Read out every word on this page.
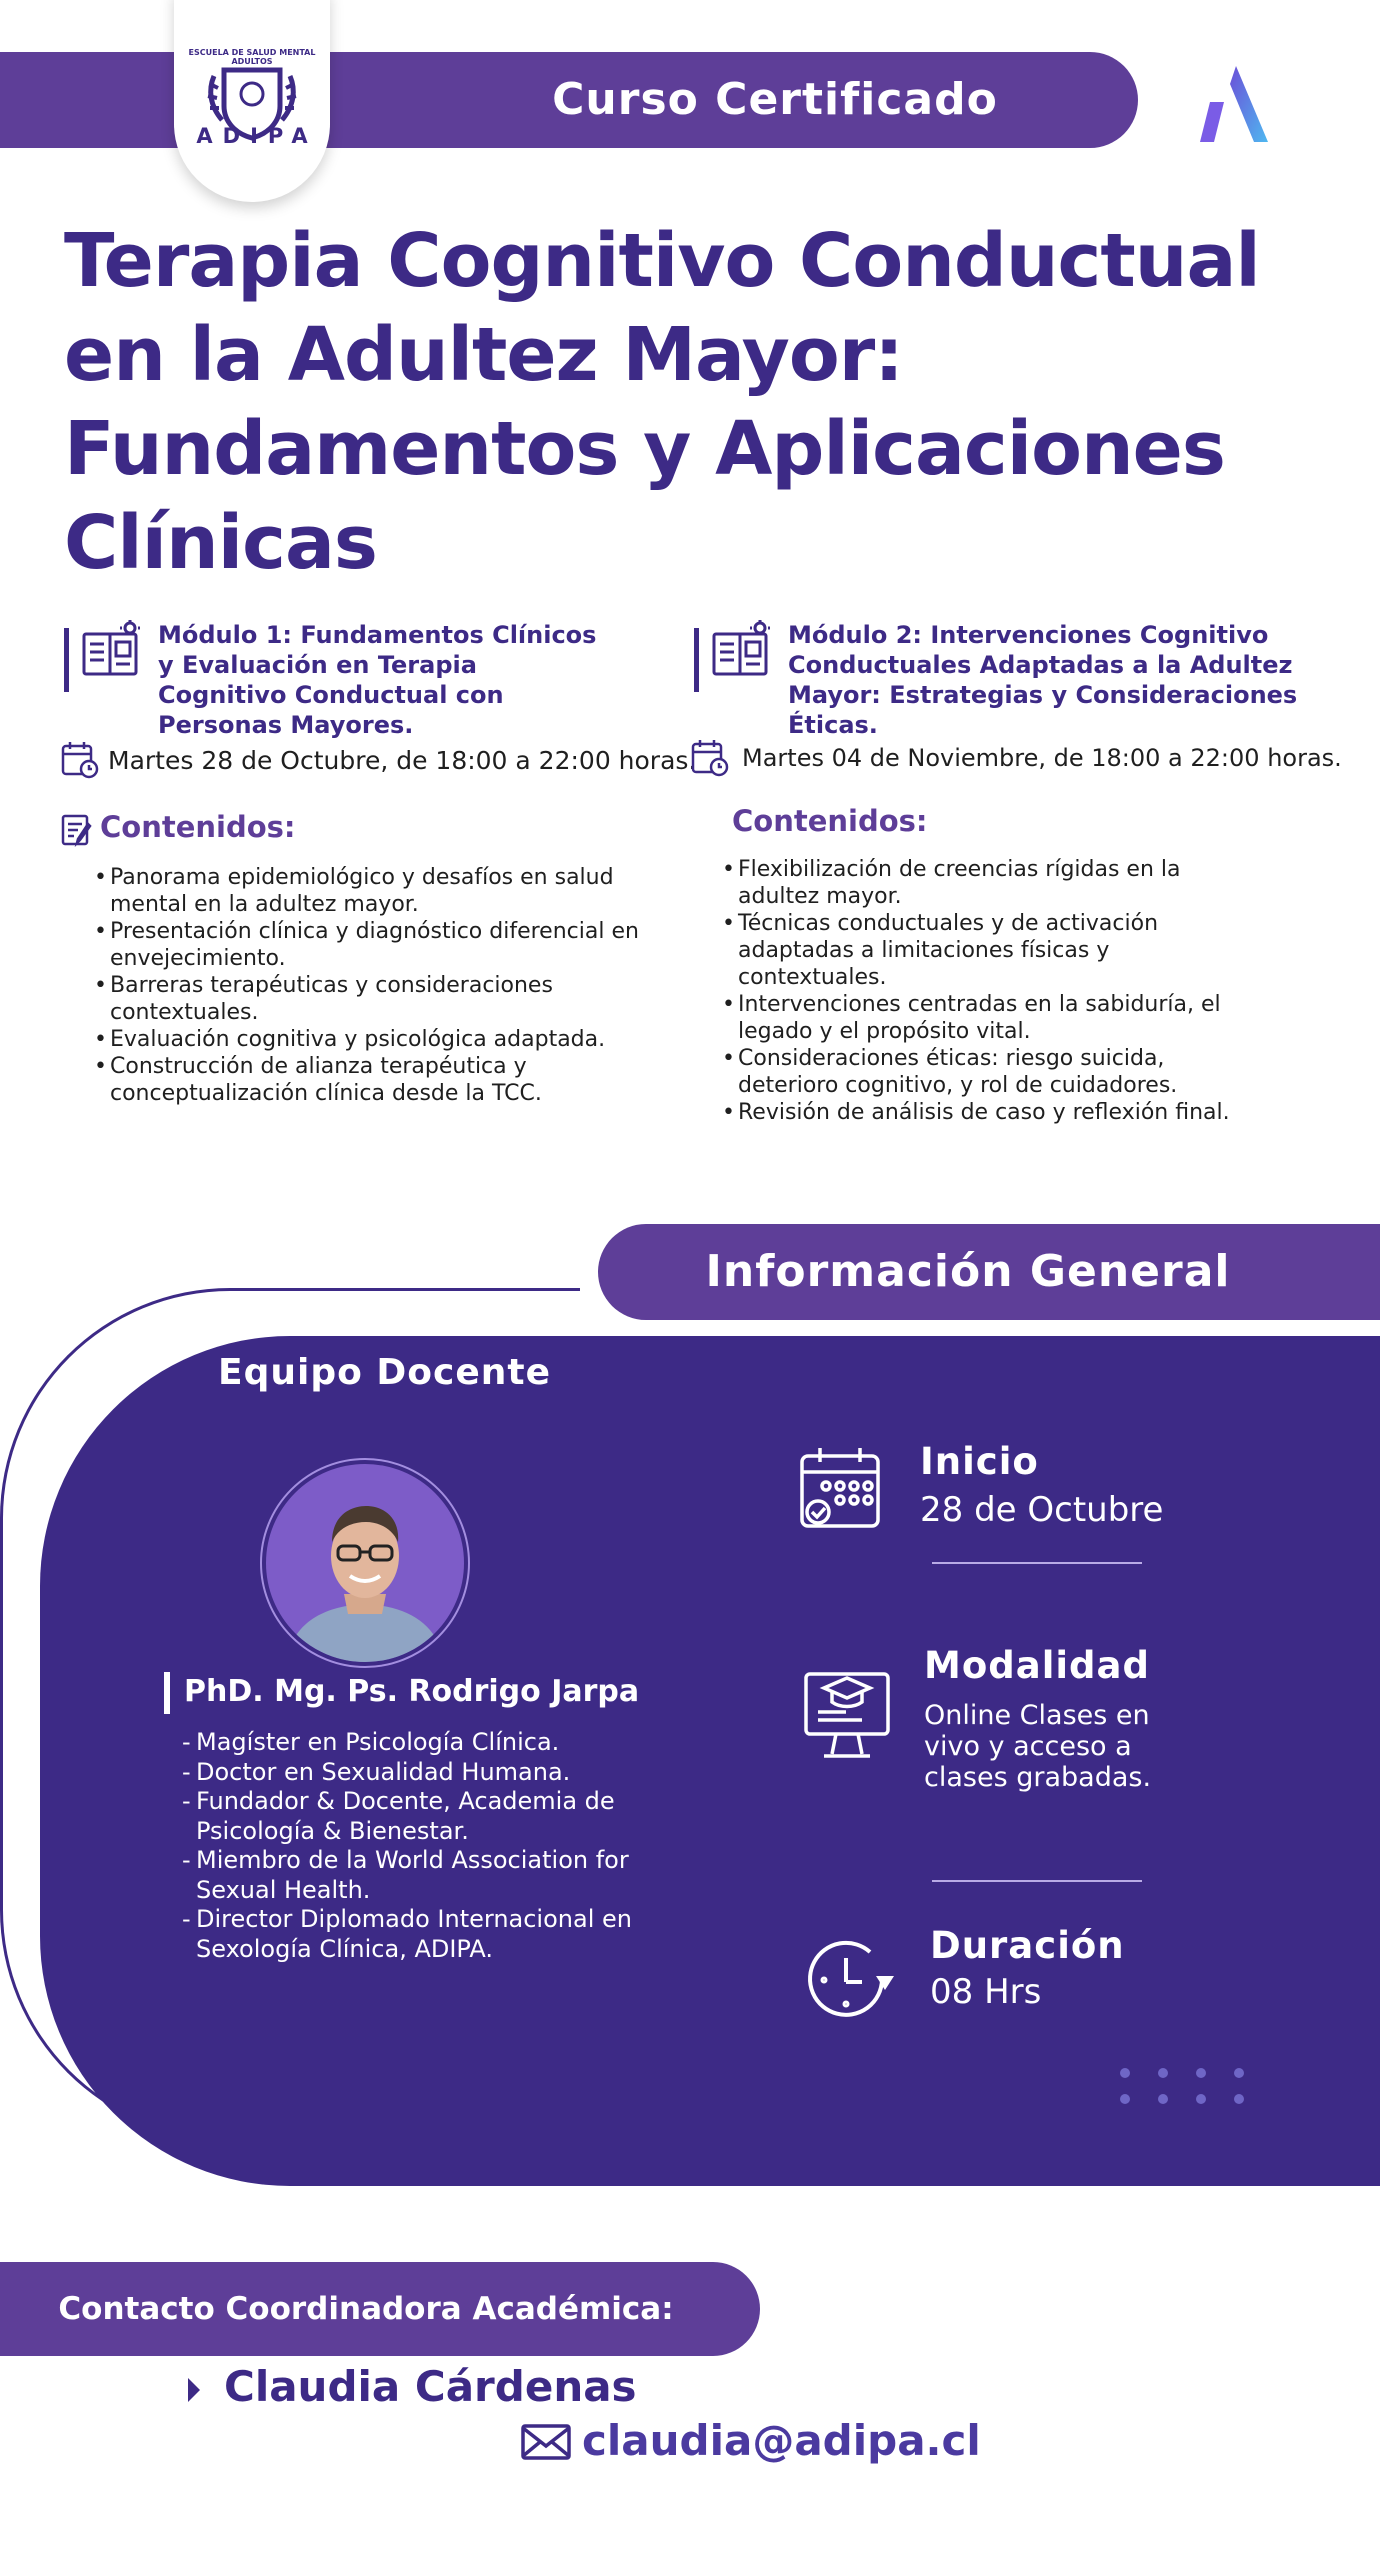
Curso Certificado
ESCUELA DE SALUD MENTAL ADULTOS
ADIPA
Terapia Cognitivo Conductual en la Adultez Mayor: Fundamentos y Aplicaciones Clínicas
Módulo 1: Fundamentos Clínicos y Evaluación en Terapia Cognitivo Conductual con Personas Mayores.
Martes 28 de Octubre, de 18:00 a 22:00 horas.
Contenidos:
• Panorama epidemiológico y desafíos en salud mental en la adultez mayor.
• Presentación clínica y diagnóstico diferencial en envejecimiento.
• Barreras terapéuticas y consideraciones contextuales.
• Evaluación cognitiva y psicológica adaptada.
• Construcción de alianza terapéutica y conceptualización clínica desde la TCC.
Módulo 2: Intervenciones Cognitivo Conductuales Adaptadas a la Adultez Mayor: Estrategias y Consideraciones Éticas.
Martes 04 de Noviembre, de 18:00 a 22:00 horas.
Contenidos:
• Flexibilización de creencias rígidas en la adultez mayor.
• Técnicas conductuales y de activación adaptadas a limitaciones físicas y contextuales.
• Intervenciones centradas en la sabiduría, el legado y el propósito vital.
• Consideraciones éticas: riesgo suicida, deterioro cognitivo, y rol de cuidadores.
• Revisión de análisis de caso y reflexión final.
Información General
Equipo Docente
PhD. Mg. Ps. Rodrigo Jarpa
- Magíster en Psicología Clínica.
- Doctor en Sexualidad Humana.
- Fundador & Docente, Academia de Psicología & Bienestar.
- Miembro de la World Association for Sexual Health.
- Director Diplomado Internacional en Sexología Clínica, ADIPA.
Inicio
28 de Octubre
Modalidad
Online Clases en vivo y acceso a clases grabadas.
Duración
08 Hrs
Contacto Coordinadora Académica:
Claudia Cárdenas
claudia@adipa.cl
